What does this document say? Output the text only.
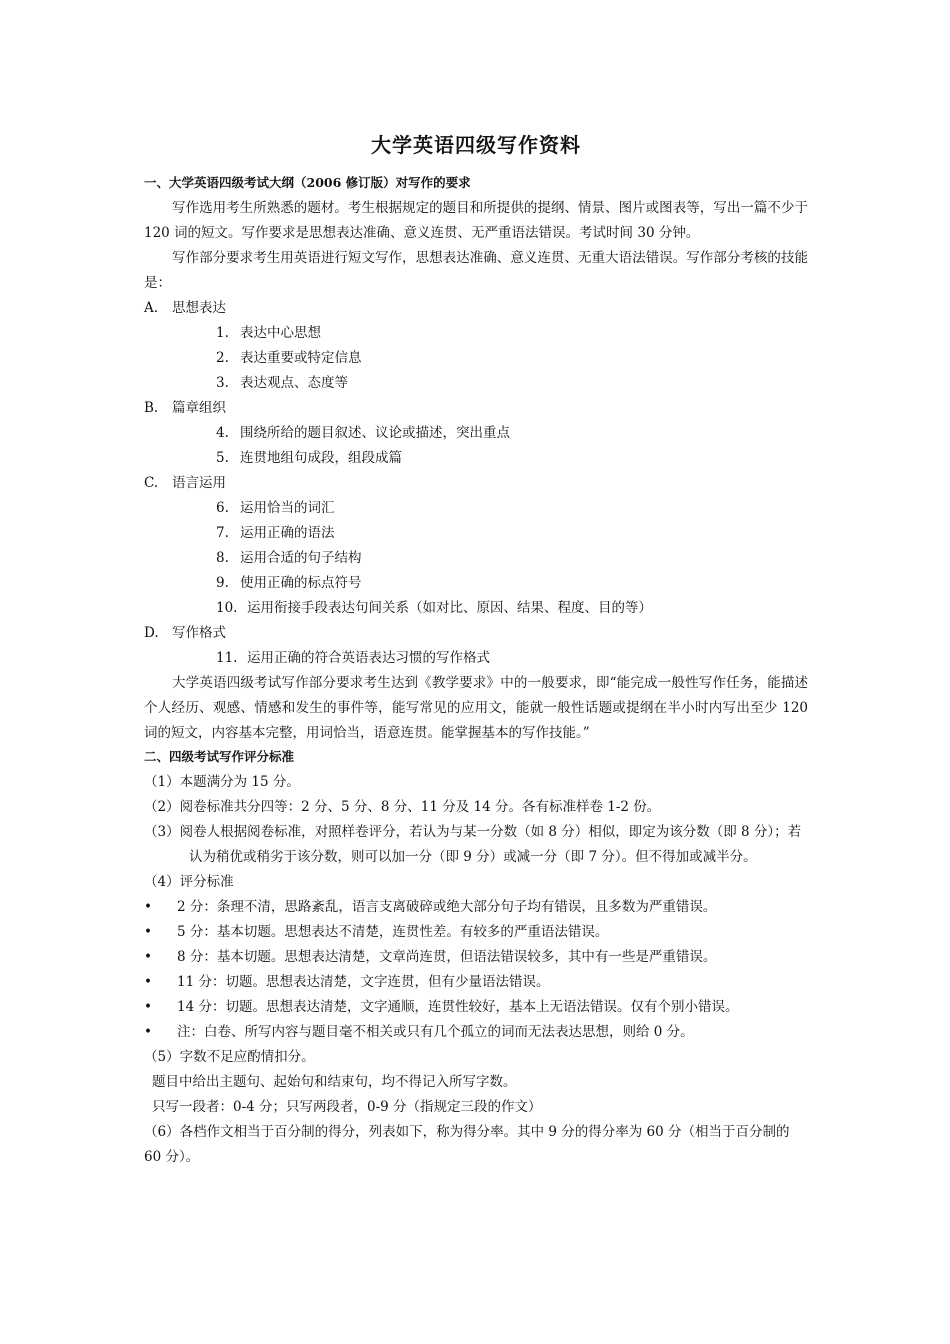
大学英语四级写作资料
一、大学英语四级考试大纲（2006 修订版）对写作的要求

写作选用考生所熟悉的题材。考生根据规定的题目和所提供的提纲、情景、图片或图表等，写出一篇不少于 120 词的短文。写作要求是思想表达准确、意义连贯、无严重语法错误。考试时间 30 分钟。

写作部分要求考生用英语进行短文写作，思想表达准确、意义连贯、无重大语法错误。写作部分考核的技能是：

A. 思想表达

1. 表达中心思想

2. 表达重要或特定信息

3. 表达观点、态度等

B. 篇章组织

4. 围绕所给的题目叙述、议论或描述，突出重点

5. 连贯地组句成段，组段成篇

C. 语言运用

6. 运用恰当的词汇

7. 运用正确的语法

8. 运用合适的句子结构

9. 使用正确的标点符号

10. 运用衔接手段表达句间关系（如对比、原因、结果、程度、目的等）

D. 写作格式

11. 运用正确的符合英语表达习惯的写作格式

大学英语四级考试写作部分要求考生达到《教学要求》中的一般要求，即“能完成一般性写作任务，能描述个人经历、观感、情感和发生的事件等，能写常见的应用文，能就一般性话题或提纲在半小时内写出至少 120 词的短文，内容基本完整，用词恰当，语意连贯。能掌握基本的写作技能。”

二、四级考试写作评分标准

（1）本题满分为 15 分。

（2）阅卷标准共分四等：2 分、5 分、8 分、11 分及 14 分。各有标准样卷 1-2 份。

（3）阅卷人根据阅卷标准，对照样卷评分，若认为与某一分数（如 8 分）相似，即定为该分数（即 8 分）；若认为稍优或稍劣于该分数，则可以加一分（即 9 分）或减一分（即 7 分）。但不得加或减半分。

（4）评分标准

• 2 分：条理不清，思路紊乱，语言支离破碎或绝大部分句子均有错误，且多数为严重错误。

• 5 分：基本切题。思想表达不清楚，连贯性差。有较多的严重语法错误。

• 8 分：基本切题。思想表达清楚，文章尚连贯，但语法错误较多，其中有一些是严重错误。

• 11 分：切题。思想表达清楚，文字连贯，但有少量语法错误。

• 14 分：切题。思想表达清楚，文字通顺，连贯性较好，基本上无语法错误。仅有个别小错误。

• 注：白卷、所写内容与题目毫不相关或只有几个孤立的词而无法表达思想，则给 0 分。

（5）字数不足应酌情扣分。

题目中给出主题句、起始句和结束句，均不得记入所写字数。

只写一段者：0-4 分；只写两段者，0-9 分（指规定三段的作文）

（6）各档作文相当于百分制的得分，列表如下，称为得分率。其中 9 分的得分率为 60 分（相当于百分制的 60 分）。
